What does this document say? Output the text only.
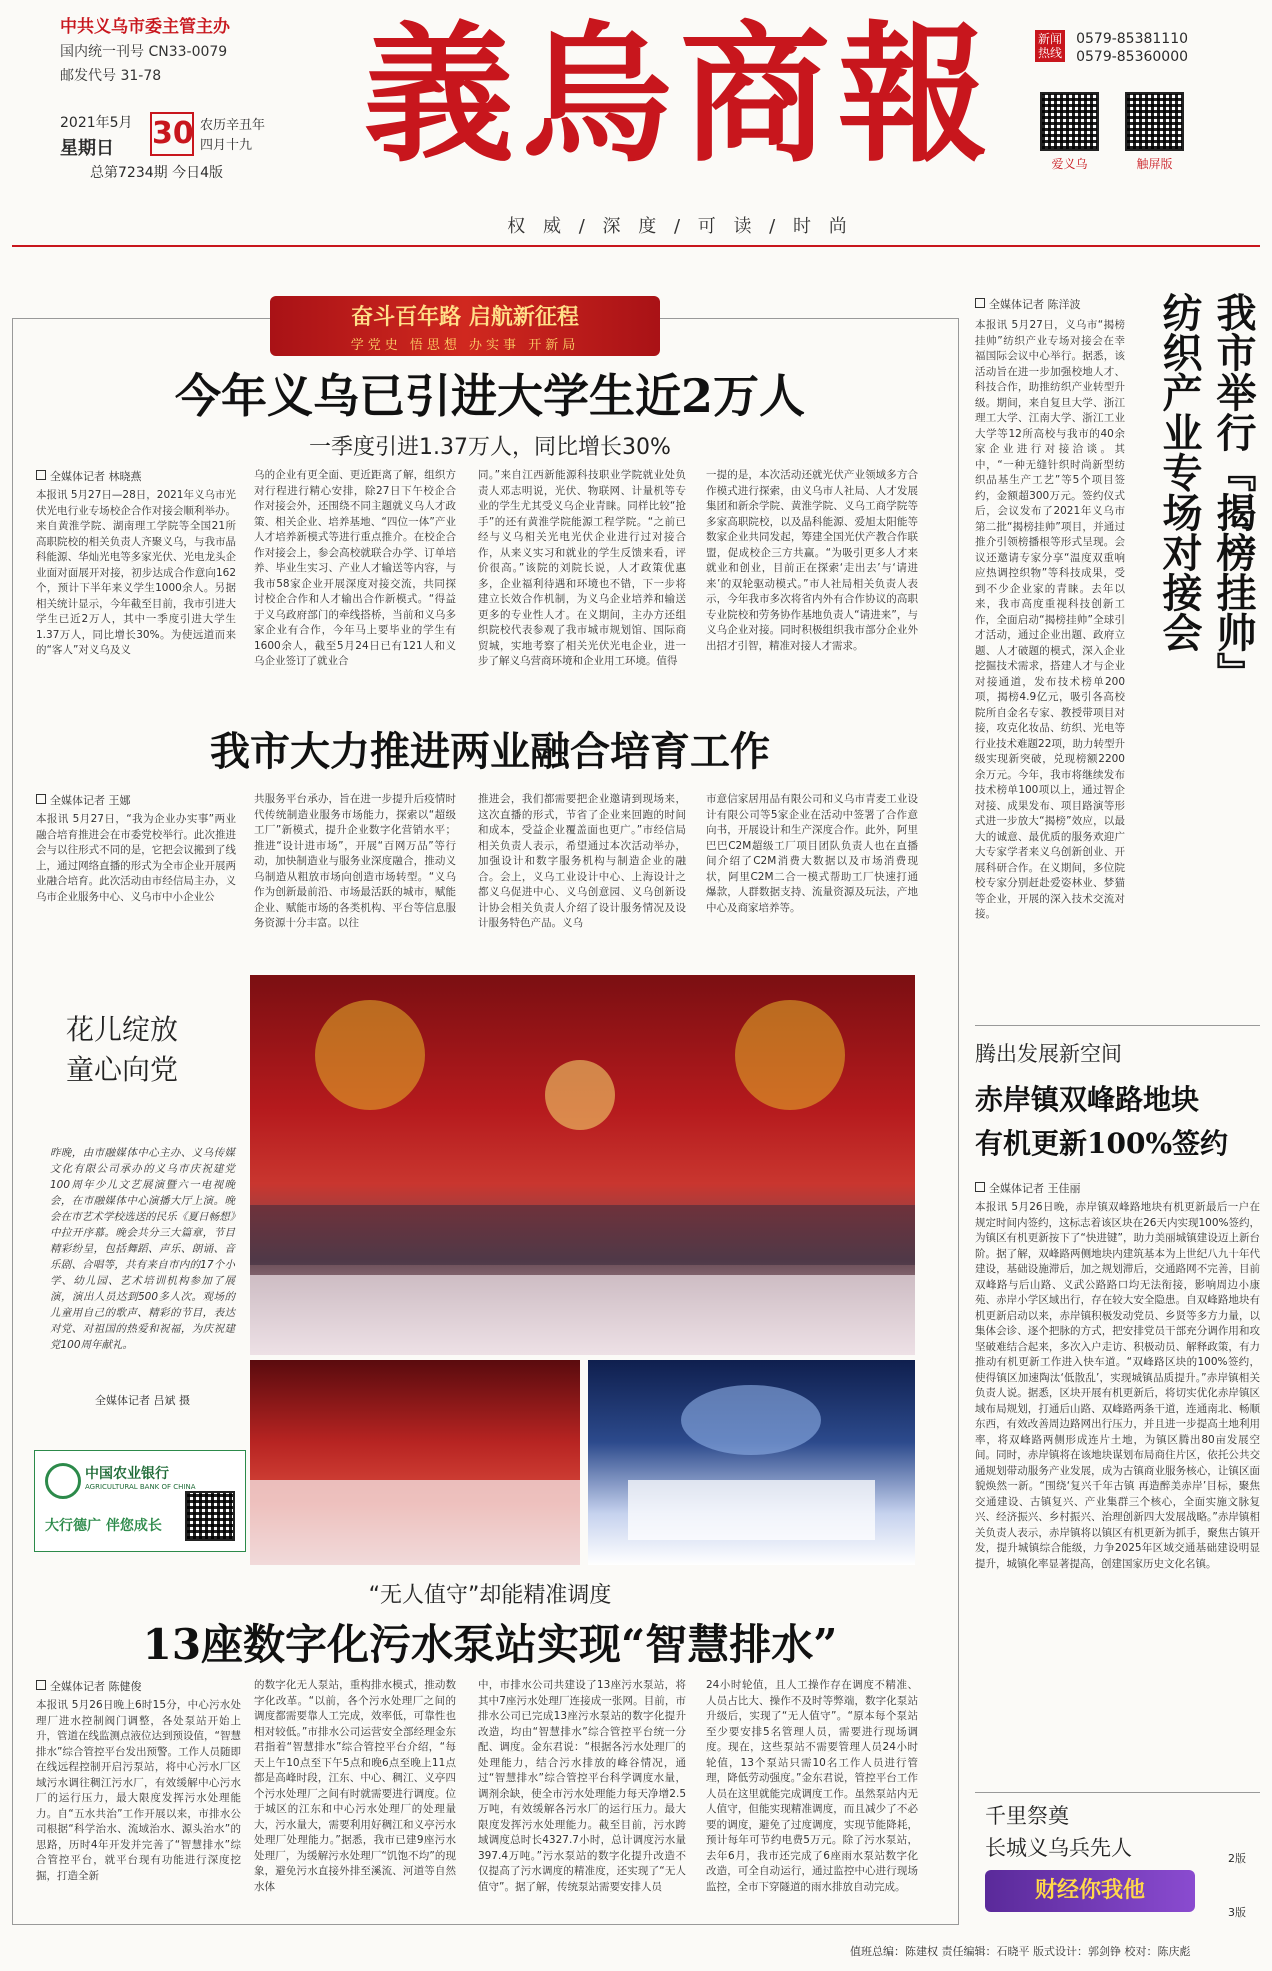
中共义乌市委主管主办
国内统一刊号 CN33-0079
邮发代号 31-78
2021年5月
星期日 30 农历辛丑年
四月十九
总第7234期 今日4版 義烏商報
权 威 / 深 度 / 可 读 / 时 尚
新闻热线 0579-85381110
0579-85360000
爱义乌	触屏版
奋斗百年路 启航新征程
学党史 悟思想 办实事 开新局
今年义乌已引进大学生近2万人
一季度引进1.37万人，同比增长30%
全媒体记者 林晓燕
本报讯 5月27日—28日，2021年义乌市光伏光电行业专场校企合作对接会顺利举办。来自黄淮学院、湖南理工学院等全国21所高职院校的相关负责人齐聚义乌，与我市晶科能源、华灿光电等多家光伏、光电龙头企业面对面展开对接，初步达成合作意向162个，预计下半年来义学生1000余人。另据相关统计显示，今年截至目前，我市引进大学生已近2万人，其中一季度引进大学生1.37万人，同比增长30%。为使远道而来的“客人”对义乌及义
乌的企业有更全面、更近距离了解，组织方对行程进行精心安排，除27日下午校企合作对接会外，还围绕不同主题就义乌人才政策、相关企业、培养基地、“四位一体”产业人才培养新模式等进行重点推介。在校企合作对接会上，参会高校就联合办学、订单培养、毕业生实习、产业人才输送等内容，与我市58家企业开展深度对接交流，共同探讨校企合作和人才输出合作新模式。“得益于义乌政府部门的牵线搭桥，当前和义乌多家企业有合作，今年马上要毕业的学生有1600余人，截至5月24日已有121人和义乌企业签订了就业合
同。”来自江西新能源科技职业学院就业处负责人邓志明说，光伏、物联网、计量机等专业的学生尤其受义乌企业青睐。同样比较“抢手”的还有黄淮学院能源工程学院。“之前已经与义乌相关光电光伏企业进行过对接合作，从来义实习和就业的学生反馈来看，评价很高。”该院的刘院长说，人才政策优惠多，企业福利待遇和环境也不错，下一步将建立长效合作机制，为义乌企业培养和输送更多的专业性人才。在义期间，主办方还组织院校代表参观了我市城市规划馆、国际商贸城，实地考察了相关光伏光电企业，进一步了解义乌营商环境和企业用工环境。值得
一提的是，本次活动还就光伏产业领域多方合作模式进行探索，由义乌市人社局、人才发展集团和新余学院、黄淮学院、义乌工商学院等多家高职院校，以及晶科能源、爱旭太阳能等数家企业共同发起，筹建全国光伏产教合作联盟，促成校企三方共赢。“为吸引更多人才来就业和创业，目前正在探索‘走出去’与‘请进来’的双轮驱动模式。”市人社局相关负责人表示，今年我市多次将省内外有合作协议的高职专业院校和劳务协作基地负责人“请进来”，与义乌企业对接。同时积极组织我市部分企业外出招才引智，精准对接人才需求。
我市大力推进两业融合培育工作
全媒体记者 王娜
本报讯 5月27日，“我为企业办实事”两业融合培育推进会在市委党校举行。此次推进会与以往形式不同的是，它把会议搬到了线上，通过网络直播的形式为全市企业开展两业融合培育。此次活动由市经信局主办，义乌市企业服务中心、义乌市中小企业公
共服务平台承办，旨在进一步提升后疫情时代传统制造业服务市场能力，探索以“超级工厂”新模式，提升企业数字化营销水平；推进“设计进市场”，开展“百网万品”等行动，加快制造业与服务业深度融合，推动义乌制造从粗放市场向创造市场转型。“义乌作为创新最前沿、市场最活跃的城市，赋能企业、赋能市场的各类机构、平台等信息服务资源十分丰富。以往
推进会，我们都需要把企业邀请到现场来，这次直播的形式，节省了企业来回跑的时间和成本，受益企业覆盖面也更广。”市经信局相关负责人表示，希望通过本次活动举办，加强设计和数字服务机构与制造企业的融合。会上，义乌工业设计中心、上海设计之都义乌促进中心、义乌创意园、义乌创新设计协会相关负责人介绍了设计服务情况及设计服务特色产品。义乌
市意信家居用品有限公司和义乌市青麦工业设计有限公司等5家企业在活动中签署了合作意向书，开展设计和生产深度合作。此外，阿里巴巴C2M超级工厂项目团队负责人也在直播间介绍了C2M消费大数据以及市场消费现状，阿里C2M二合一模式帮助工厂快速打通爆款，人群数据支持、流量资源及玩法，产地中心及商家培养等。
花儿绽放
童心向党
昨晚，由市融媒体中心主办、义乌传媒文化有限公司承办的义乌市庆祝建党100周年少儿文艺展演暨六一电视晚会，在市融媒体中心演播大厅上演。晚会在市艺术学校选送的民乐《夏日畅想》中拉开序幕。晚会共分三大篇章，节目精彩纷呈，包括舞蹈、声乐、朗诵、音乐剧、合唱等，共有来自市内的17个小学、幼儿园、艺术培训机构参加了展演，演出人员达到500多人次。观场的儿童用自己的歌声、精彩的节目，表达对党、对祖国的热爱和祝福，为庆祝建党100周年献礼。
全媒体记者 吕斌 摄
中国农业银行
AGRICULTURAL BANK OF CHINA
大行德广 伴您成长
“无人值守”却能精准调度
13座数字化污水泵站实现“智慧排水”
全媒体记者 陈健俊
本报讯 5月26日晚上6时15分，中心污水处理厂进水控制阀门调整，各处泵站开始上升，管道在线监测点液位达到预设值，“智慧排水”综合管控平台发出预警。工作人员随即在线远程控制开启污泵站，将中心污水厂区域污水调往稠江污水厂，有效缓解中心污水厂的运行压力，最大限度发挥污水处理能力。自“五水共治”工作开展以来，市排水公司根据“科学治水、流域治水、源头治水”的思路，历时4年开发并完善了“智慧排水”综合管控平台，就平台现有功能进行深度挖掘，打造全新
的数字化无人泵站，重构排水模式，推动数字化改革。“以前，各个污水处理厂之间的调度都需要靠人工完成，效率低，可靠性也相对较低。”市排水公司运营安全部经理金东君指着“智慧排水”综合管控平台介绍，“每天上午10点至下午5点和晚6点至晚上11点都是高峰时段，江东、中心、稠江、义亭四个污水处理厂之间有时就需要进行调度。位于城区的江东和中心污水处理厂的处理量大，污水量大，需要利用好稠江和义亭污水处理厂处理能力。”据悉，我市已建9座污水处理厂，为缓解污水处理厂“饥饱不均”的现象，避免污水直接外排至溪流、河道等自然水体
中，市排水公司共建设了13座污水泵站，将其中7座污水处理厂连接成一张网。目前，市排水公司已完成13座污水泵站的数字化提升改造，均由“智慧排水”综合管控平台统一分配、调度。金东君说：“根据各污水处理厂的处理能力，结合污水排放的峰谷情况，通过“智慧排水”综合管控平台科学调度水量，调剂余缺，使全市污水处理能力每天净增2.5万吨，有效缓解各污水厂的运行压力。最大限度发挥污水处理能力。截至目前，污水跨域调度总时长4327.7小时，总计调度污水量397.4万吨。”污水泵站的数字化提升改造不仅提高了污水调度的精准度，还实现了“无人值守”。据了解，传统泵站需要安排人员
24小时轮值，且人工操作存在调度不精准、人员占比大、操作不及时等弊端，数字化泵站升级后，实现了“无人值守”。“原本每个泵站至少要安排5名管理人员，需要进行现场调度。现在，这些泵站不需要管理人员24小时轮值，13个泵站只需10名工作人员进行管理，降低劳动强度。”金东君说，管控平台工作人员在这里就能完成调度工作。虽然泵站内无人值守，但能实现精准调度，而且减少了不必要的调度，避免了过度调度，实现节能降耗，预计每年可节约电费5万元。除了污水泵站，去年6月，我市还完成了6座雨水泵站数字化改造，可全自动运行，通过监控中心进行现场监控，全市下穿隧道的雨水排放自动完成。
全媒体记者 陈洋波	我市举行『揭榜挂帅』纺织产业专场对接会
本报讯 5月27日，义乌市“揭榜挂帅”纺织产业专场对接会在幸福国际会议中心举行。据悉，该活动旨在进一步加强校地人才、科技合作，助推纺织产业转型升级。期间，来自复旦大学、浙江理工大学、江南大学、浙江工业大学等12所高校与我市的40余家企业进行对接洽谈。其中，“一种无缝针织时尚新型纺织品基生产工艺”等5个项目签约，金额超300万元。签约仪式后，会议发布了2021年义乌市第二批“揭榜挂帅”项目，并通过推介引领榜播根等形式呈现。会议还邀请专家分享“温度双重响应热调控织物”等科技成果，受到不少企业家的青睐。去年以来，我市高度重视科技创新工作，全面启动“揭榜挂帅”全球引才活动，通过企业出题、政府立题、人才破题的模式，深入企业挖掘技术需求，搭建人才与企业对接通道，发布技术榜单200项，揭榜4.9亿元，吸引各高校院所自金名专家、教授带项目对接，攻克化妆品、纺织、光电等行业技术难题22项，助力转型升级实现新突破，兑现榜额2200余万元。今年，我市将继续发布技术榜单100项以上，通过智企对接、成果发布、项目路演等形式进一步放大“揭榜”效应，以最大的诚意、最优质的服务欢迎广大专家学者来义乌创新创业、开展科研合作。在义期间，多位院校专家分别赶赴爱姿林业、梦猫等企业，开展的深入技术交流对接。
腾出发展新空间
赤岸镇双峰路地块
有机更新100%签约
全媒体记者 王佳丽
本报讯 5月26日晚，赤岸镇双峰路地块有机更新最后一户在规定时间内签约，这标志着该区块在26天内实现100%签约，为镇区有机更新按下了“快进键”，助力美丽城镇建设迈上新台阶。据了解，双峰路两侧地块内建筑基本为上世纪八九十年代建设，基础设施滞后，加之规划滞后，交通路网不完善，目前双峰路与后山路、义武公路路口均无法衔接，影响周边小康苑、赤岸小学区域出行，存在较大安全隐患。自双峰路地块有机更新启动以来，赤岸镇积极发动党员、乡贤等多方力量，以集体会诊、逐个把脉的方式，把安排党员干部充分调作用和攻坚破难结合起来，多次入户走访、积极动员、解释政策，有力推动有机更新工作进入快车道。“双峰路区块的100%签约，使得镇区加速陶汰‘低散乱’，实现城镇品质提升。”赤岸镇相关负责人说。据悉，区块开展有机更新后，将切实优化赤岸镇区域布局规划，打通后山路、双峰路两条干道，连通南北、畅顺东西，有效改善周边路网出行压力，并且进一步提高土地利用率，将双峰路两侧形成连片土地，为镇区腾出80亩发展空间。同时，赤岸镇将在该地块谋划布局商住片区，依托公共交通规划带动服务产业发展，成为古镇商业服务核心，让镇区面貌焕然一新。“围绕‘复兴千年古镇 再造醉美赤岸’目标，聚焦交通建设、古镇复兴、产业集群三个核心，全面实施文脉复兴、经济振兴、乡村振兴、治理创新四大发展战略。”赤岸镇相关负责人表示，赤岸镇将以镇区有机更新为抓手，聚焦古镇开发，提升城镇综合能级，力争2025年区域交通基础建设明显提升，城镇化率显著提高，创建国家历史文化名镇。
千里祭奠
长城义乌兵先人	2版
财经你我他
3版
值班总编：陈建权 责任编辑：石晓平 版式设计：郭剑铮 校对：陈庆彪
